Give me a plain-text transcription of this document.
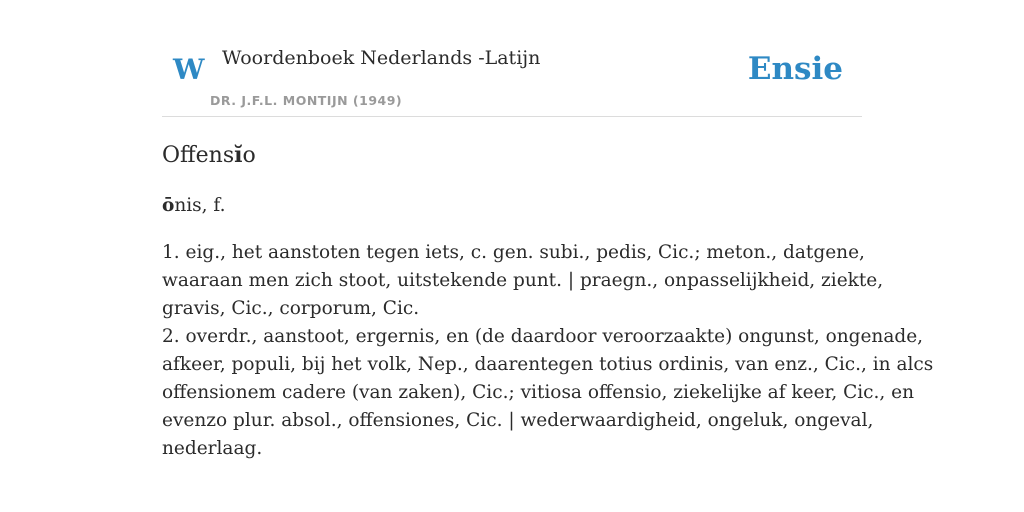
W Woordenboek Nederlands -Latijn
DR. J.F.L. MONTIJN (1949)
Ensie
Offensĭo
ōnis, f.
1. eig., het aanstoten tegen iets, c. gen. subi., pedis, Cic.; meton., datgene,
waaraan men zich stoot, uitstekende punt. | praegn., onpasselijkheid, ziekte,
gravis, Cic., corporum, Cic.
2. overdr., aanstoot, ergernis, en (de daardoor veroorzaakte) ongunst, ongenade,
afkeer, populi, bij het volk, Nep., daarentegen totius ordinis, van enz., Cic., in alcs
offensionem cadere (van zaken), Cic.; vitiosa offensio, ziekelijke af keer, Cic., en
evenzo plur. absol., offensiones, Cic. | wederwaardigheid, ongeluk, ongeval,
nederlaag.
